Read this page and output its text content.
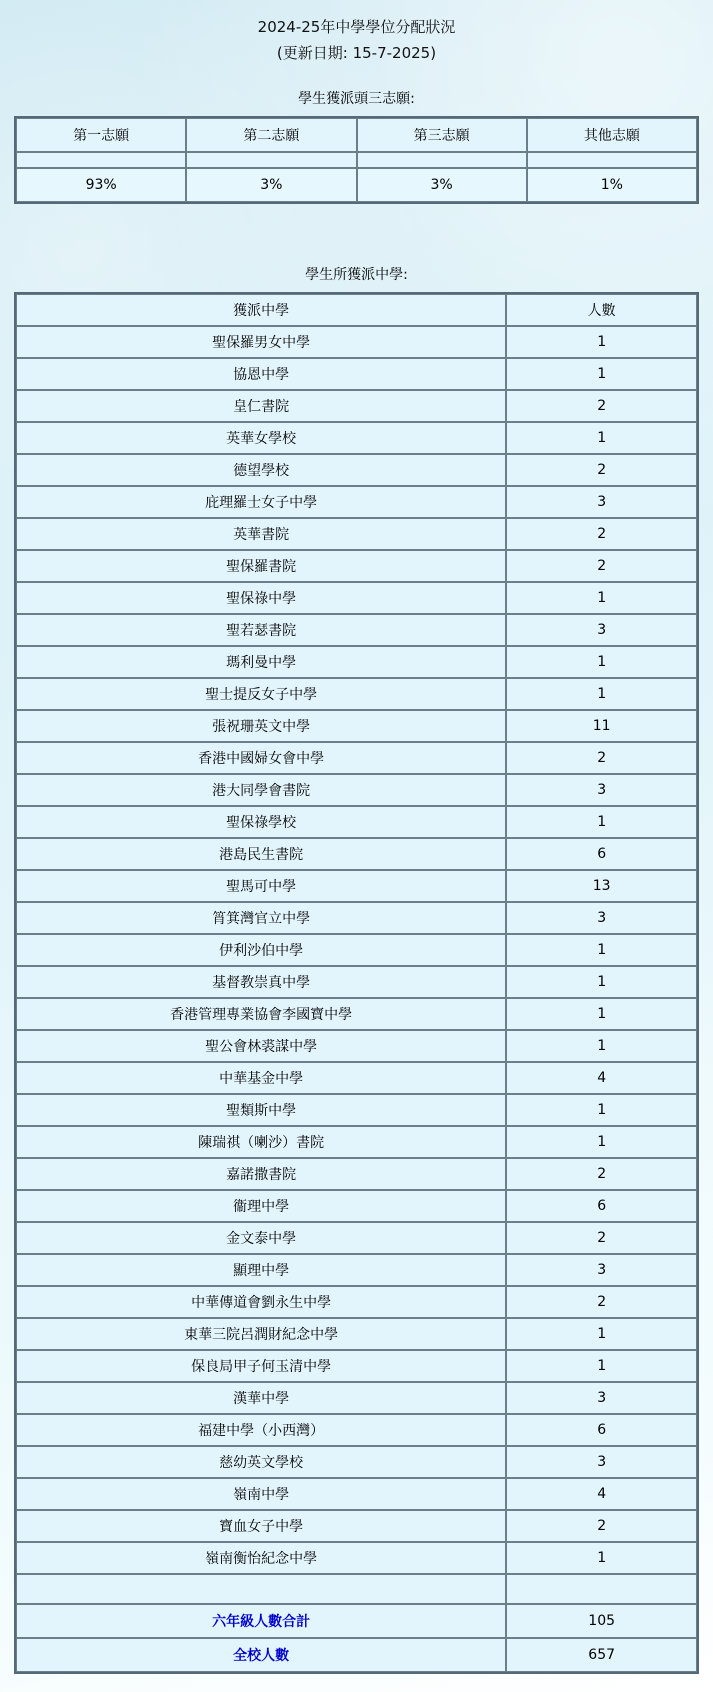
2024-25年中學學位分配狀況
(更新日期: 15-7-2025)
學生獲派頭三志願:
第一志願	第二志願	第三志願	其他志願

93%	3%	3%	1%
學生所獲派中學:
獲派中學	人數
聖保羅男女中學	1
協恩中學	1
皇仁書院	2
英華女學校	1
德望學校	2
庇理羅士女子中學	3
英華書院	2
聖保羅書院	2
聖保祿中學	1
聖若瑟書院	3
瑪利曼中學	1
聖士提反女子中學	1
張祝珊英文中學	11
香港中國婦女會中學	2
港大同學會書院	3
聖保祿學校	1
港島民生書院	6
聖馬可中學	13
筲箕灣官立中學	3
伊利沙伯中學	1
基督教崇真中學	1
香港管理專業協會李國寶中學	1
聖公會林裘謀中學	1
中華基金中學	4
聖類斯中學	1
陳瑞祺（喇沙）書院	1
嘉諾撒書院	2
衞理中學	6
金文泰中學	2
顯理中學	3
中華傳道會劉永生中學	2
東華三院呂潤財紀念中學	1
保良局甲子何玉清中學	1
漢華中學	3
福建中學（小西灣）	6
慈幼英文學校	3
嶺南中學	4
寶血女子中學	2
嶺南衡怡紀念中學	1

六年級人數合計	105
全校人數	657
